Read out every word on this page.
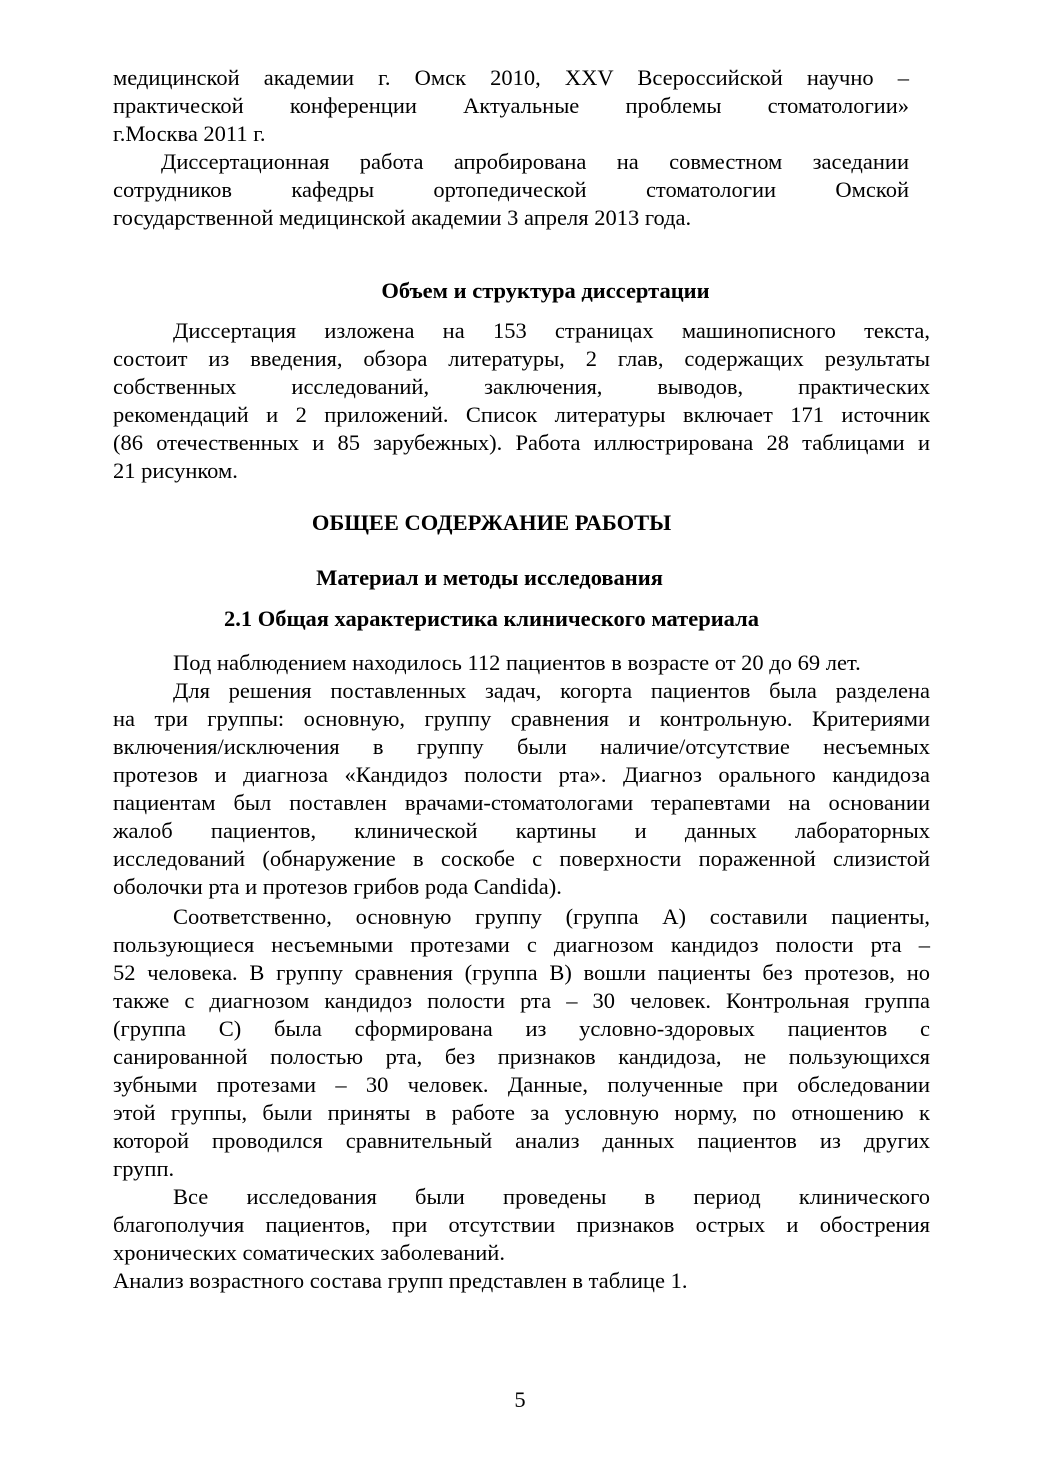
медицинской академии г. Омск 2010, XXV Всероссийской научно –
практической конференции Актуальные проблемы стоматологии»
г.Москва 2011 г.
Диссертационная работа апробирована на совместном заседании
сотрудников кафедры ортопедической стоматологии Омской
государственной медицинской академии 3 апреля 2013 года.
Объем и структура диссертации
Диссертация изложена на 153 страницах машинописного текста,
состоит из введения, обзора литературы, 2 глав, содержащих результаты
собственных исследований, заключения, выводов, практических
рекомендаций и 2 приложений. Список литературы включает 171 источник
(86 отечественных и 85 зарубежных). Работа иллюстрирована 28 таблицами и
21 рисунком.
ОБЩЕЕ СОДЕРЖАНИЕ РАБОТЫ
Материал и методы исследования
2.1 Общая характеристика клинического материала
Под наблюдением находилось 112 пациентов в возрасте от 20 до 69 лет.
Для решения поставленных задач, когорта пациентов была разделена
на три группы: основную, группу сравнения и контрольную. Критериями
включения/исключения в группу были наличие/отсутствие несъемных
протезов и диагноза «Кандидоз полости рта». Диагноз орального кандидоза
пациентам был поставлен врачами-стоматологами терапевтами на основании
жалоб пациентов, клинической картины и данных лабораторных
исследований (обнаружение в соскобе с поверхности пораженной слизистой
оболочки рта и протезов грибов рода Candida).
Соответственно, основную группу (группа А) составили пациенты,
пользующиеся несъемными протезами с диагнозом кандидоз полости рта –
52 человека. В группу сравнения (группа В) вошли пациенты без протезов, но
также с диагнозом кандидоз полости рта – 30 человек. Контрольная группа
(группа С) была сформирована из условно-здоровых пациентов с
санированной полостью рта, без признаков кандидоза, не пользующихся
зубными протезами – 30 человек. Данные, полученные при обследовании
этой группы, были приняты в работе за условную норму, по отношению к
которой проводился сравнительный анализ данных пациентов из других
групп.
Все исследования были проведены в период клинического
благополучия пациентов, при отсутствии признаков острых и обострения
хронических соматических заболеваний.
Анализ возрастного состава групп представлен в таблице 1.
5
